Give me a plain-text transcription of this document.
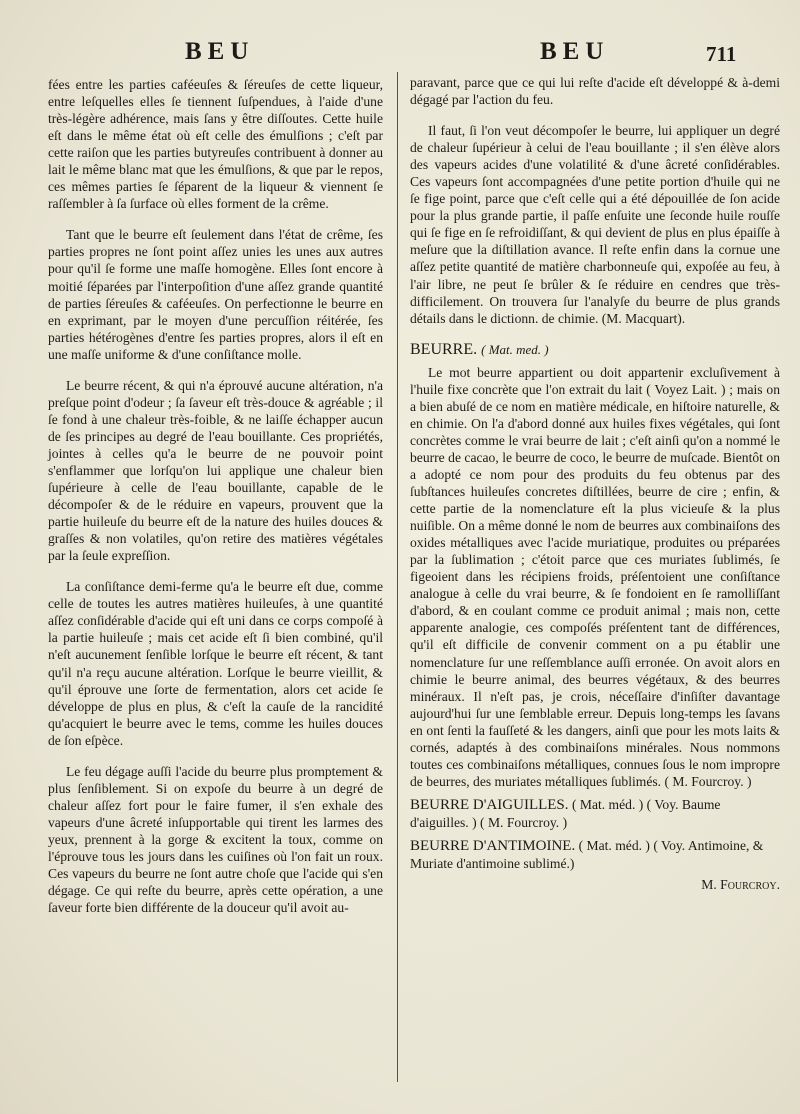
BEU	BEU	711

fées entre les parties caféeuſes & ſéreuſes de cette liqueur, entre leſquelles elles ſe tiennent ſuſpendues, à l'aide d'une très-légère adhérence, mais ſans y être diſſoutes. Cette huile eſt dans le même état où eſt celle des émulſions ; c'eſt par cette raiſon que les parties butyreuſes contribuent à donner au lait le même blanc mat que les émulſions, & que par le repos, ces mêmes parties ſe ſéparent de la liqueur & viennent ſe raſſembler à ſa ſurface où elles forment de la crême.

Tant que le beurre eſt ſeulement dans l'état de crême, ſes parties propres ne ſont point aſſez unies les unes aux autres pour qu'il ſe forme une maſſe homogène. Elles ſont encore à moitié ſéparées par l'interpoſition d'une aſſez grande quantité de parties ſéreuſes & caféeuſes. On perfectionne le beurre en en exprimant, par le moyen d'une percuſſion réitérée, ſes parties hétérogènes d'entre ſes parties propres, alors il eſt en une maſſe uniforme & d'une conſiſtance molle.

Le beurre récent, & qui n'a éprouvé aucune altération, n'a preſque point d'odeur ; ſa ſaveur eſt très-douce & agréable ; il ſe fond à une chaleur très-foible, & ne laiſſe échapper aucun de ſes principes au degré de l'eau bouillante. Ces propriétés, jointes à celles qu'a le beurre de ne pouvoir point s'enflammer que lorſqu'on lui applique une chaleur bien ſupérieure à celle de l'eau bouillante, capable de le décompoſer & de le réduire en vapeurs, prouvent que la partie huileuſe du beurre eſt de la nature des huiles douces & graſſes & non volatiles, qu'on retire des matières végétales par la ſeule expreſſion.

La conſiſtance demi-ferme qu'a le beurre eſt due, comme celle de toutes les autres matières huileuſes, à une quantité aſſez conſidérable d'acide qui eſt uni dans ce corps compoſé à la partie huileuſe ; mais cet acide eſt ſi bien combiné, qu'il n'eſt aucunement ſenſible lorſque le beurre eſt récent, & tant qu'il n'a reçu aucune altération. Lorſque le beurre vieillit, & qu'il éprouve une ſorte de fermentation, alors cet acide ſe développe de plus en plus, & c'eſt la cauſe de la rancidité qu'acquiert le beurre avec le tems, comme les huiles douces de ſon eſpèce.

Le feu dégage auſſi l'acide du beurre plus promptement & plus ſenſiblement. Si on expoſe du beurre à un degré de chaleur aſſez fort pour le faire fumer, il s'en exhale des vapeurs d'une âcreté inſupportable qui tirent les larmes des yeux, prennent à la gorge & excitent la toux, comme on l'éprouve tous les jours dans les cuiſines où l'on fait un roux. Ces vapeurs du beurre ne ſont autre choſe que l'acide qui s'en dégage. Ce qui reſte du beurre, après cette opération, a une ſaveur forte bien différente de la douceur qu'il avoit au-

paravant, parce que ce qui lui reſte d'acide eſt développé & à-demi dégagé par l'action du feu.

Il faut, ſi l'on veut décompoſer le beurre, lui appliquer un degré de chaleur ſupérieur à celui de l'eau bouillante ; il s'en élève alors des vapeurs acides d'une volatilité & d'une âcreté conſidérables. Ces vapeurs ſont accompagnées d'une petite portion d'huile qui ne ſe fige point, parce que c'eſt celle qui a été dépouillée de ſon acide pour la plus grande partie, il paſſe enſuite une ſeconde huile rouſſe qui ſe fige en ſe refroidiſſant, & qui devient de plus en plus épaiſſe à meſure que la diſtillation avance. Il reſte enfin dans la cornue une aſſez petite quantité de matière charbonneuſe qui, expoſée au feu, à l'air libre, ne peut ſe brûler & ſe réduire en cendres que très-difficilement. On trouvera ſur l'analyſe du beurre de plus grands détails dans le dictionn. de chimie. (M. Macquart).

BEURRE. ( Mat. med. )

Le mot beurre appartient ou doit appartenir excluſivement à l'huile fixe concrète que l'on extrait du lait ( Voyez Lait. ) ; mais on a bien abuſé de ce nom en matière médicale, en hiſtoire naturelle, & en chimie. On l'a d'abord donné aux huiles fixes végétales, qui ſont concrètes comme le vrai beurre de lait ; c'eſt ainſi qu'on a nommé le beurre de cacao, le beurre de coco, le beurre de muſcade. Bientôt on a adopté ce nom pour des produits du feu obtenus par des ſubſtances huileuſes concretes diſtillées, beurre de cire ; enfin, & cette partie de la nomenclature eſt la plus vicieuſe & la plus nuiſible. On a même donné le nom de beurres aux combinaiſons des oxides métalliques avec l'acide muriatique, produites ou préparées par la ſublimation ; c'étoit parce que ces muriates ſublimés, ſe figeoient dans les récipiens froids, préſentoient une conſiſtance analogue à celle du vrai beurre, & ſe fondoient en ſe ramolliſſant d'abord, & en coulant comme ce produit animal ; mais non, cette apparente analogie, ces compoſés préſentent tant de différences, qu'il eſt difficile de convenir comment on a pu établir une nomenclature ſur une reſſemblance auſſi erronée. On avoit alors en chimie le beurre animal, des beurres végétaux, & des beurres minéraux. Il n'eſt pas, je crois, néceſſaire d'inſiſter davantage aujourd'hui ſur une ſemblable erreur. Depuis long-temps les ſavans en ont ſenti la fauſſeté & les dangers, ainſi que pour les mots laits & cornés, adaptés à des combinaiſons minérales. Nous nommons toutes ces combinaiſons métalliques, connues ſous le nom impropre de beurres, des muriates métalliques ſublimés. ( M. Fourcroy. )

BEURRE D'AIGUILLES. ( Mat. méd. ) ( Voy. Baume d'aiguilles. ) ( M. Fourcroy. )
BEURRE D'ANTIMOINE. ( Mat. méd. ) ( Voy. Antimoine, & Muriate d'antimoine sublimé.)
M. Fourcroy.
